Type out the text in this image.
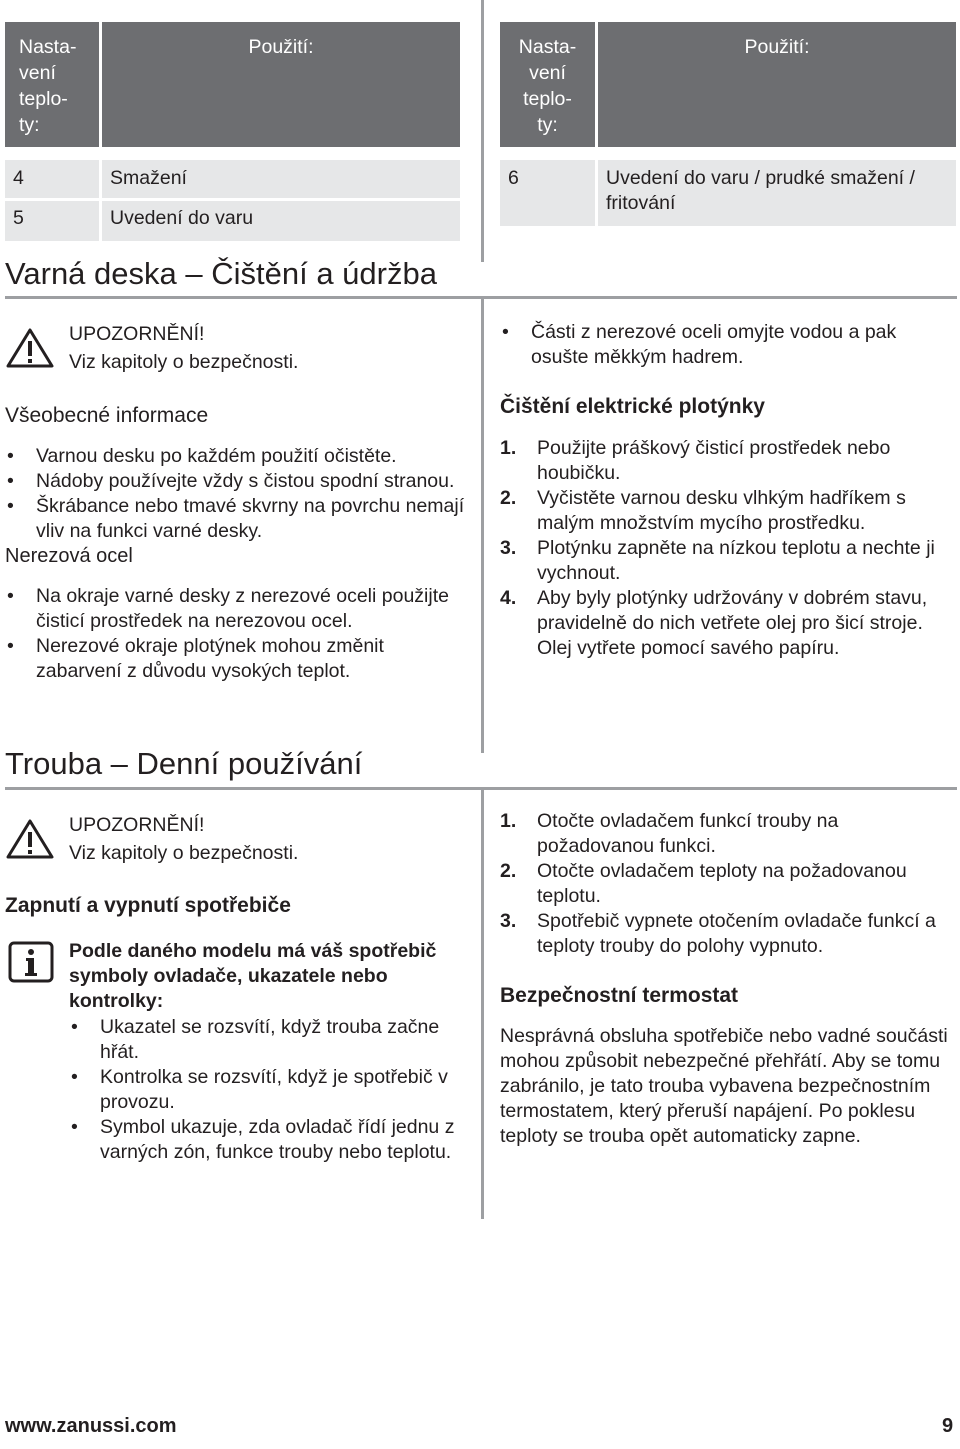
Nasta-
vení
teplo-
ty:
Použití:
4	Smažení
5	Uvedení do varu
Nasta-
vení
teplo-
ty:
Použití:
6	Uvedení do varu / prudké smažení / fritování
Varná deska – Čištění a údržba
UPOZORNĚNÍ!
Viz kapitoly o bezpečnosti.
Všeobecné informace
• Varnou desku po každém použití očistěte.
• Nádoby používejte vždy s čistou spodní stranou.
• Škrábance nebo tmavé skvrny na povrchu nemají vliv na funkci varné desky.
Nerezová ocel
• Na okraje varné desky z nerezové oceli použijte čisticí prostředek na nerezovou ocel.
• Nerezové okraje plotýnek mohou změnit zabarvení z důvodu vysokých teplot.
• Části z nerezové oceli omyjte vodou a pak osušte měkkým hadrem.
Čištění elektrické plotýnky
1. Použijte práškový čisticí prostředek nebo houbičku.
2. Vyčistěte varnou desku vlhkým hadříkem s malým množstvím mycího prostředku.
3. Plotýnku zapněte na nízkou teplotu a nechte ji vychnout.
4. Aby byly plotýnky udržovány v dobrém stavu, pravidelně do nich vetřete olej pro šicí stroje. Olej vytřete pomocí savého papíru.
Trouba – Denní používání
UPOZORNĚNÍ!
Viz kapitoly o bezpečnosti.
Zapnutí a vypnutí spotřebiče
Podle daného modelu má váš spotřebič symboly ovladače, ukazatele nebo kontrolky:
• Ukazatel se rozsvítí, když trouba začne hřát.
• Kontrolka se rozsvítí, když je spotřebič v provozu.
• Symbol ukazuje, zda ovladač řídí jednu z varných zón, funkce trouby nebo teplotu.
1. Otočte ovladačem funkcí trouby na požadovanou funkci.
2. Otočte ovladačem teploty na požadovanou teplotu.
3. Spotřebič vypnete otočením ovladače funkcí a teploty trouby do polohy vypnuto.
Bezpečnostní termostat
Nesprávná obsluha spotřebiče nebo vadné součásti mohou způsobit nebezpečné přehřátí. Aby se tomu zabránilo, je tato trouba vybavena bezpečnostním termostatem, který přeruší napájení. Po poklesu teploty se trouba opět automaticky zapne.
www.zanussi.com	9
